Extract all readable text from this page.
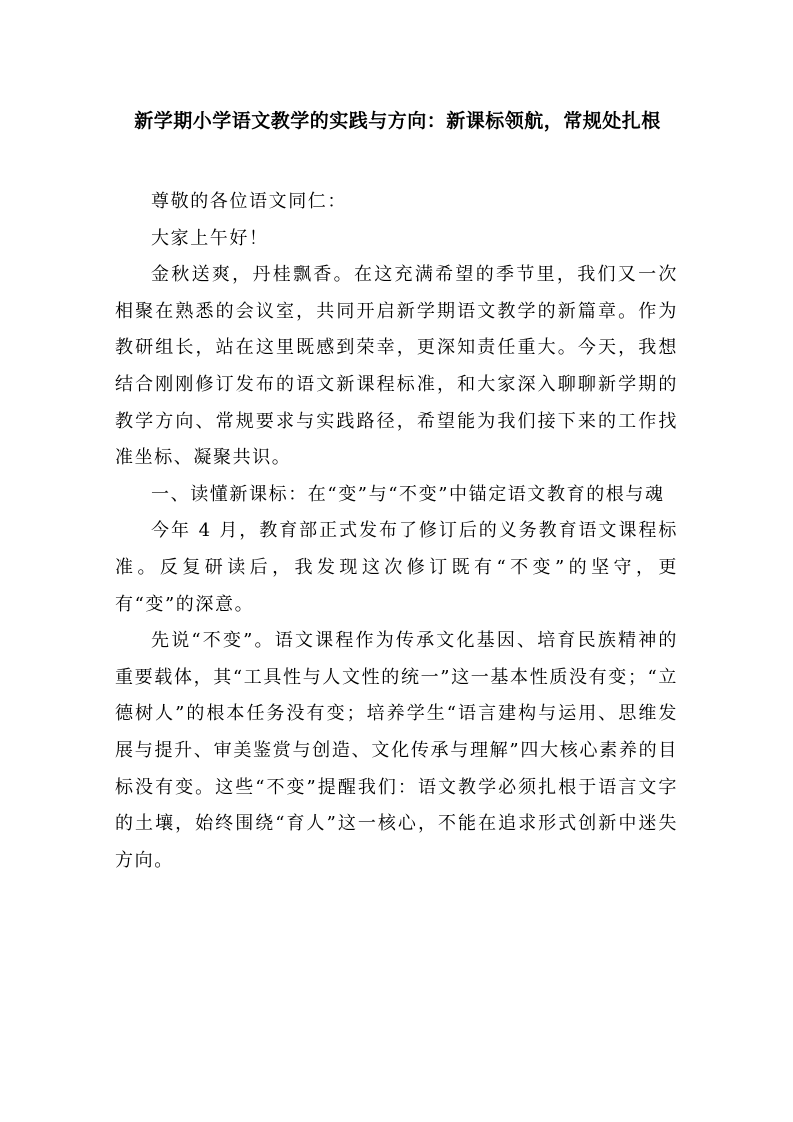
新学期小学语文教学的实践与方向：新课标领航，常规处扎根

尊敬的各位语文同仁：

大家上午好！

金秋送爽，丹桂飘香。在这充满希望的季节里，我们又一次相聚在熟悉的会议室，共同开启新学期语文教学的新篇章。作为教研组长，站在这里既感到荣幸，更深知责任重大。今天，我想结合刚刚修订发布的语文新课程标准，和大家深入聊聊新学期的教学方向、常规要求与实践路径，希望能为我们接下来的工作找准坐标、凝聚共识。

一、读懂新课标：在“变”与“不变”中锚定语文教育的根与魂

今年 4 月，教育部正式发布了修订后的义务教育语文课程标准。反复研读后，我发现这次修订既有“不变”的坚守，更有“变”的深意。

先说“不变”。语文课程作为传承文化基因、培育民族精神的重要载体，其“工具性与人文性的统一”这一基本性质没有变；“立德树人”的根本任务没有变；培养学生“语言建构与运用、思维发展与提升、审美鉴赏与创造、文化传承与理解”四大核心素养的目标没有变。这些“不变”提醒我们：语文教学必须扎根于语言文字的土壤，始终围绕“育人”这一核心，不能在追求形式创新中迷失方向。
